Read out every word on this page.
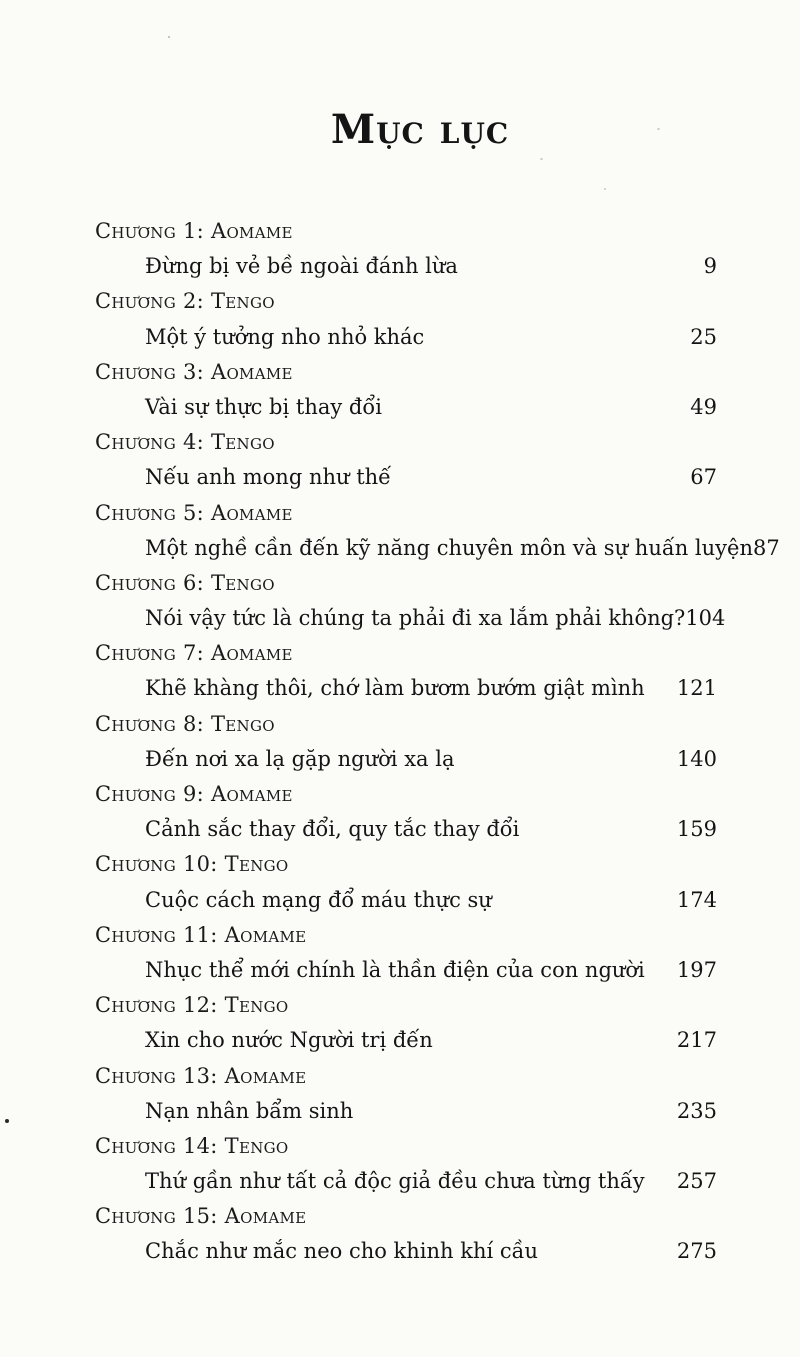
Mục lục
Chương 1: Aomame
Đừng bị vẻ bề ngoài đánh lừa	9
Chương 2: Tengo
Một ý tưởng nho nhỏ khác	25
Chương 3: Aomame
Vài sự thực bị thay đổi	49
Chương 4: Tengo
Nếu anh mong như thế	67
Chương 5: Aomame
Một nghề cần đến kỹ năng chuyên môn và sự huấn luyện 87
Chương 6: Tengo
Nói vậy tức là chúng ta phải đi xa lắm phải không? 104
Chương 7: Aomame
Khẽ khàng thôi, chớ làm bươm bướm giật mình 121
Chương 8: Tengo
Đến nơi xa lạ gặp người xa lạ	140
Chương 9: Aomame
Cảnh sắc thay đổi, quy tắc thay đổi	159
Chương 10: Tengo
Cuộc cách mạng đổ máu thực sự	174
Chương 11: Aomame
Nhục thể mới chính là thần điện của con người 197
Chương 12: Tengo
Xin cho nước Người trị đến	217
Chương 13: Aomame
Nạn nhân bẩm sinh	235
Chương 14: Tengo
Thứ gần như tất cả độc giả đều chưa từng thấy 257
Chương 15: Aomame
Chắc như mắc neo cho khinh khí cầu	275
